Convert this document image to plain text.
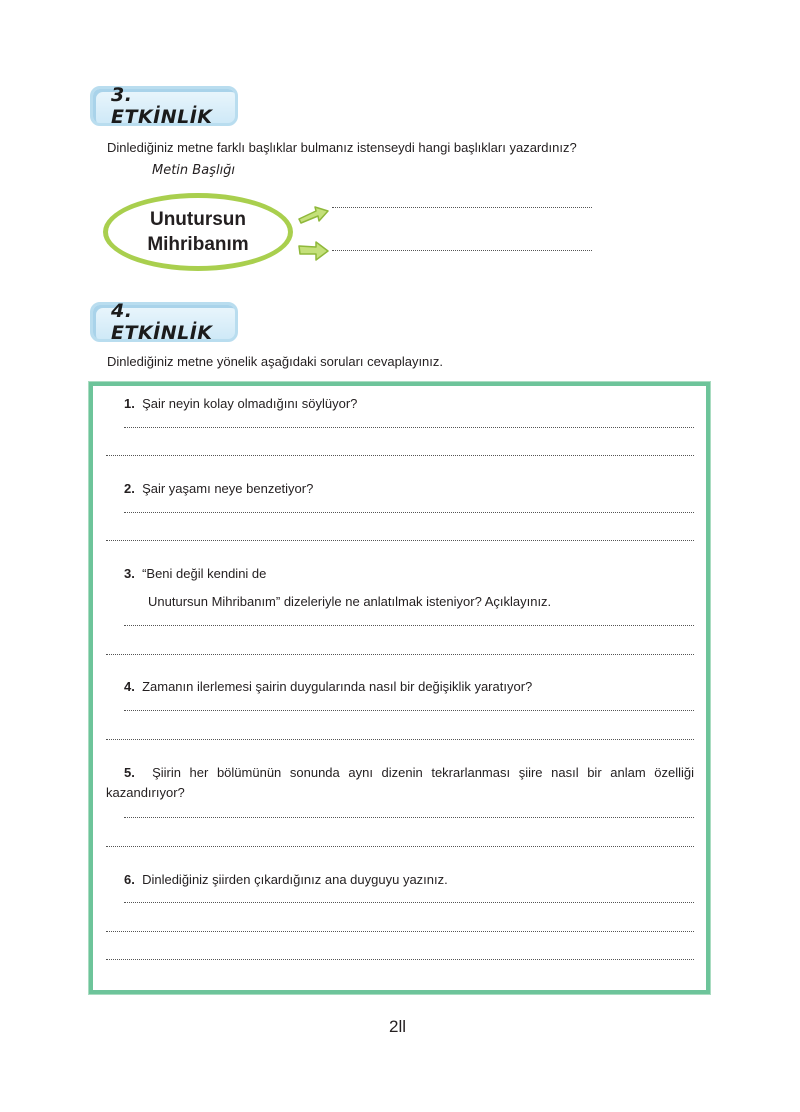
3. ETKİNLİK
Dinlediğiniz metne farklı başlıklar bulmanız istenseydi hangi başlıkları yazardınız?
Metin Başlığı
Unutursun
Mihribanım
4. ETKİNLİK
Dinlediğiniz metne yönelik aşağıdaki soruları cevaplayınız.
1. Şair neyin kolay olmadığını söylüyor?
2. Şair yaşamı neye benzetiyor?
3. “Beni değil kendini de
Unutursun Mihribanım” dizeleriyle ne anlatılmak isteniyor? Açıklayınız.
4. Zamanın ilerlemesi şairin duygularında nasıl bir değişiklik yaratıyor?
5. Şiirin her bölümünün sonunda aynı dizenin tekrarlanması şiire nasıl bir anlam özelliği
kazandırıyor?
6. Dinlediğiniz şiirden çıkardığınız ana duyguyu yazınız.
2ll
